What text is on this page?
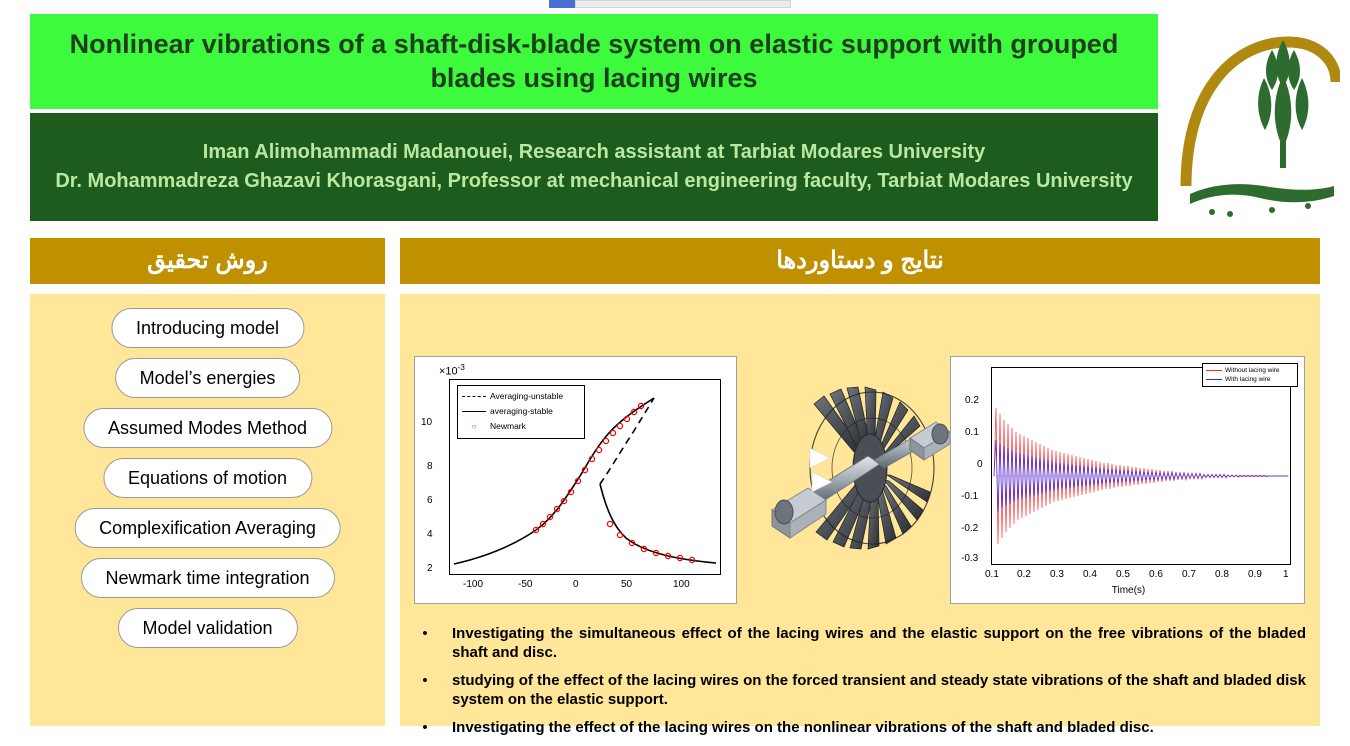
Nonlinear vibrations of a shaft-disk-blade system on elastic support with grouped blades using lacing wires

Iman Alimohammadi Madanouei, Research assistant at Tarbiat Modares University
Dr. Mohammadreza Ghazavi Khorasgani, Professor at mechanical engineering faculty, Tarbiat Modares University

روش تحقیق
Introducing model
Model’s energies
Assumed Modes Method
Equations of motion
Complexification Averaging
Newmark time integration
Model validation
نتایج و دستاوردها
$\times 10^{-3}$
Averaging-unstable
averaging-stable
○	Newmark
2
4
6
8
10
-100	-50	0	50	100
Without lacing wire
With lacing wire
0.2
0.1
0
-0.1
-0.2
-0.3
0.1 0.2 0.3 0.4 0.5 0.6 0.7 0.8 0.9 1
Time(s)
• Investigating the simultaneous effect of the lacing wires and the elastic support on the free vibrations of the bladed shaft and disc.
• studying of the effect of the lacing wires on the forced transient and steady state vibrations of the shaft and bladed disk system on the elastic support.
• Investigating the effect of the lacing wires on the nonlinear vibrations of the shaft and bladed disc.
